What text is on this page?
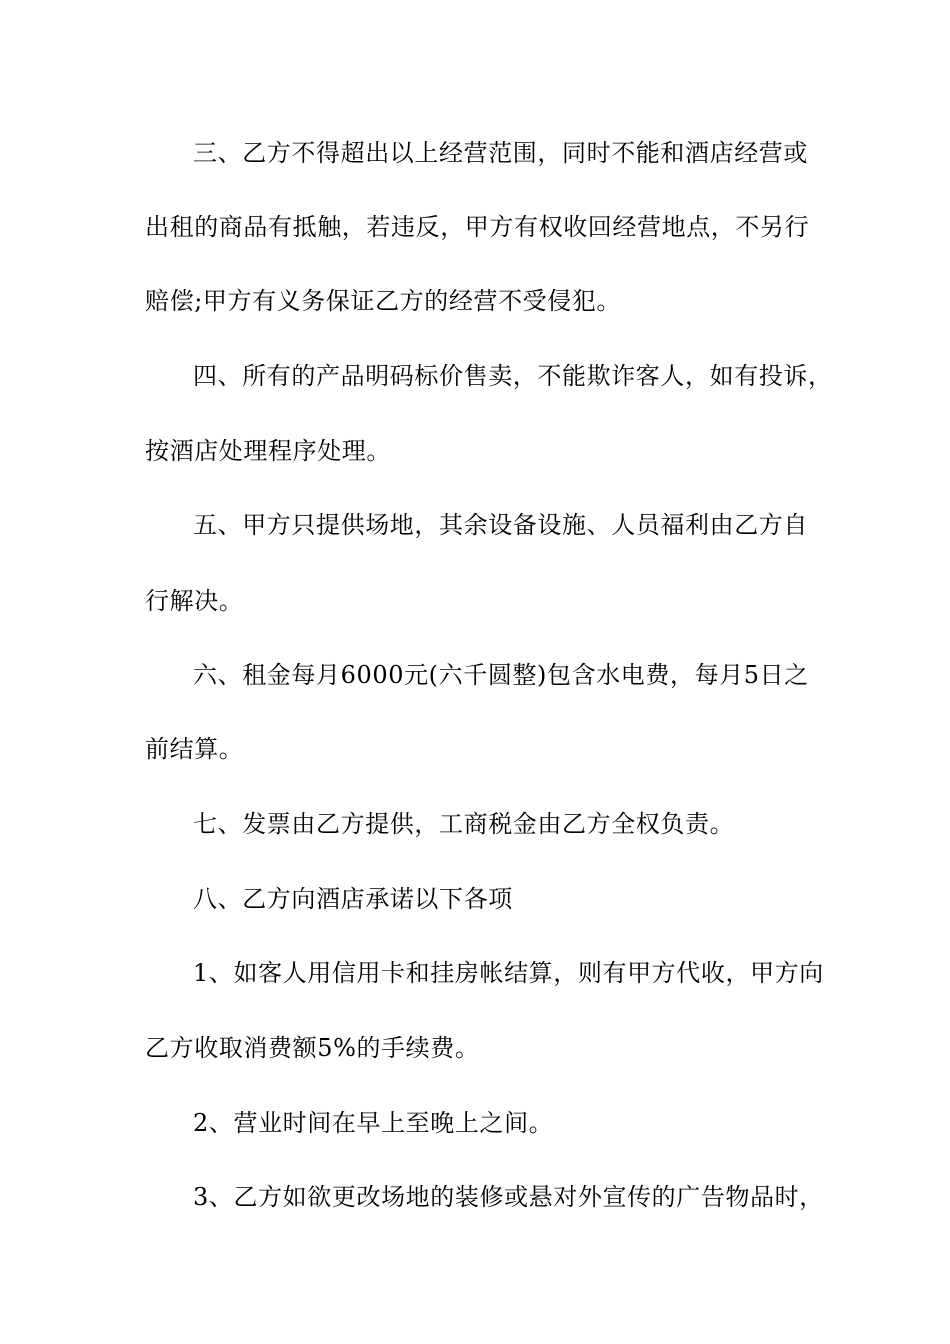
三、乙方不得超出以上经营范围，同时不能和酒店经营或
出租的商品有抵触，若违反，甲方有权收回经营地点，不另行
赔偿;甲方有义务保证乙方的经营不受侵犯。
四、所有的产品明码标价售卖，不能欺诈客人，如有投诉，
按酒店处理程序处理。
五、甲方只提供场地，其余设备设施、人员福利由乙方自
行解决。
六、租金每月6000元(六千圆整)包含水电费，每月5日之
前结算。
七、发票由乙方提供，工商税金由乙方全权负责。
八、乙方向酒店承诺以下各项
1、如客人用信用卡和挂房帐结算，则有甲方代收，甲方向
乙方收取消费额5%的手续费。
2、营业时间在早上至晚上之间。
3、乙方如欲更改场地的装修或悬对外宣传的广告物品时，
